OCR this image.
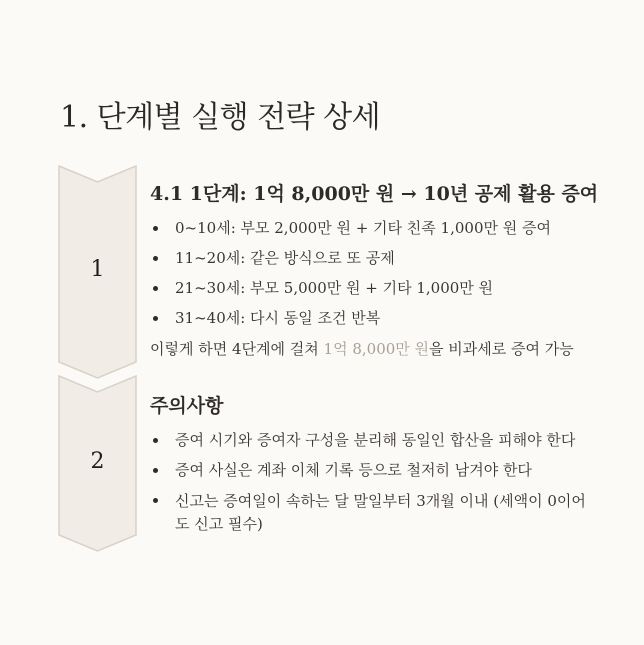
1. 단계별 실행 전략 상세
1
4.1 1단계: 1억 8,000만 원 → 10년 공제 활용 증여
0~10세: 부모 2,000만 원 + 기타 친족 1,000만 원 증여
11~20세: 같은 방식으로 또 공제
21~30세: 부모 5,000만 원 + 기타 1,000만 원
31~40세: 다시 동일 조건 반복
이렇게 하면 4단계에 걸쳐 1억 8,000만 원을 비과세로 증여 가능
2
주의사항
증여 시기와 증여자 구성을 분리해 동일인 합산을 피해야 한다
증여 사실은 계좌 이체 기록 등으로 철저히 남겨야 한다
신고는 증여일이 속하는 달 말일부터 3개월 이내 (세액이 0이어도 신고 필수)
